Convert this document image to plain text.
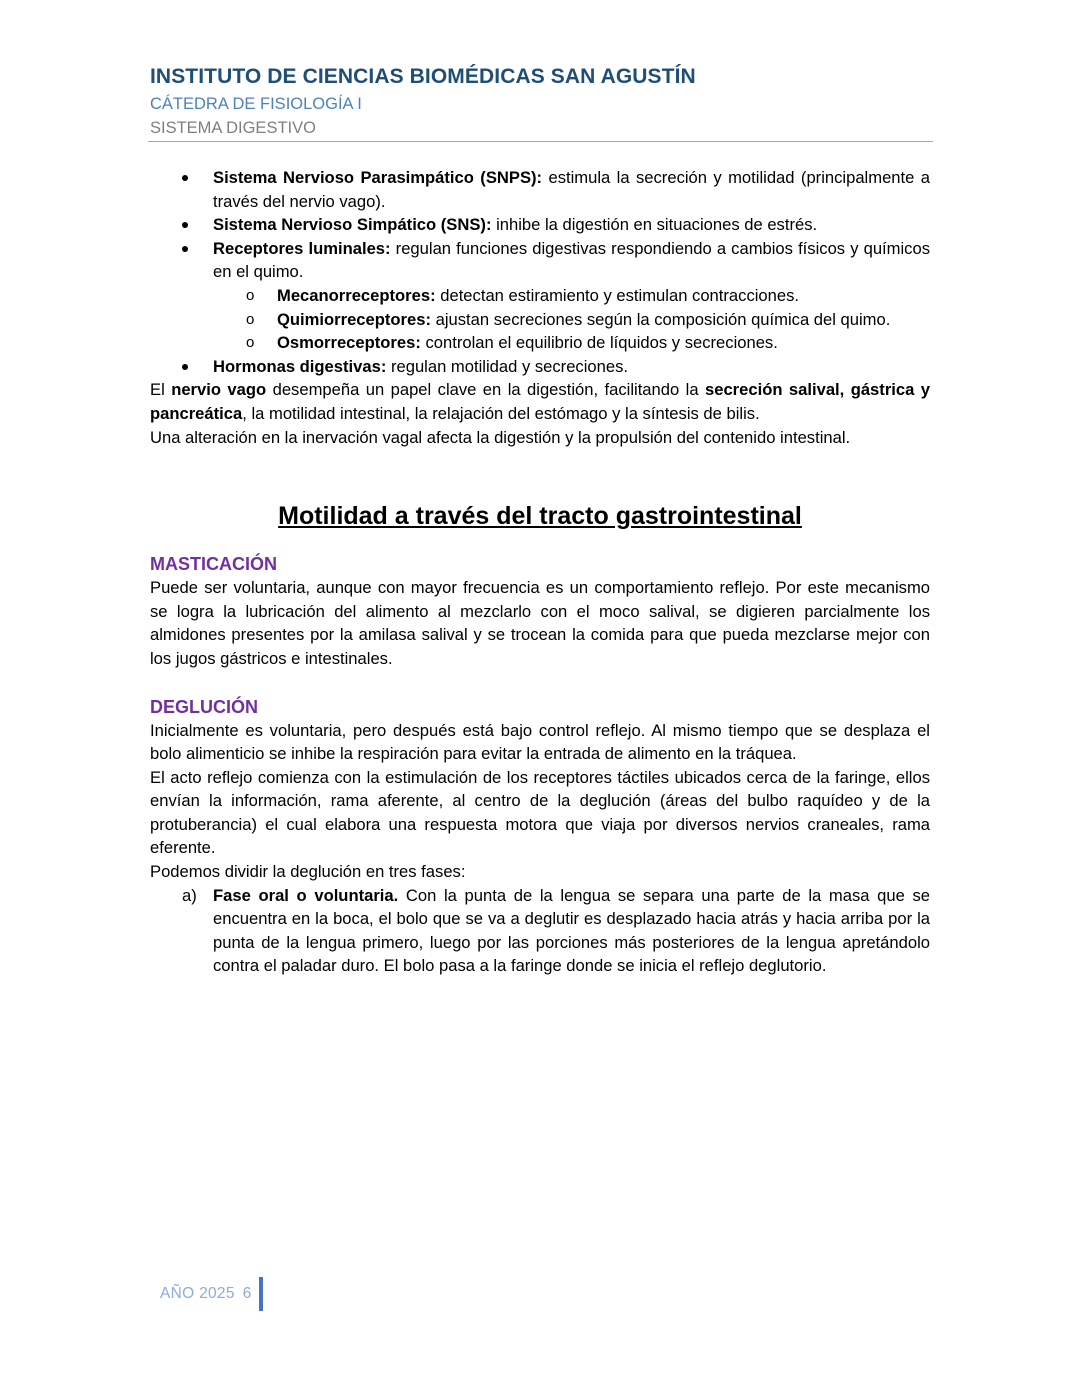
INSTITUTO DE CIENCIAS BIOMÉDICAS SAN AGUSTÍN
CÁTEDRA DE FISIOLOGÍA I
SISTEMA DIGESTIVO
Sistema Nervioso Parasimpático (SNPS): estimula la secreción y motilidad (principalmente a través del nervio vago).
Sistema Nervioso Simpático (SNS): inhibe la digestión en situaciones de estrés.
Receptores luminales: regulan funciones digestivas respondiendo a cambios físicos y químicos en el quimo.
o Mecanorreceptores: detectan estiramiento y estimulan contracciones.
o Quimiorreceptores: ajustan secreciones según la composición química del quimo.
o Osmorreceptores: controlan el equilibrio de líquidos y secreciones.
Hormonas digestivas: regulan motilidad y secreciones.

El nervio vago desempeña un papel clave en la digestión, facilitando la secreción salival, gástrica y pancreática, la motilidad intestinal, la relajación del estómago y la síntesis de bilis.

Una alteración en la inervación vagal afecta la digestión y la propulsión del contenido intestinal.

Motilidad a través del tracto gastrointestinal
MASTICACIÓN

Puede ser voluntaria, aunque con mayor frecuencia es un comportamiento reflejo. Por este mecanismo se logra la lubricación del alimento al mezclarlo con el moco salival, se digieren parcialmente los almidones presentes por la amilasa salival y se trocean la comida para que pueda mezclarse mejor con los jugos gástricos e intestinales.

DEGLUCIÓN

Inicialmente es voluntaria, pero después está bajo control reflejo. Al mismo tiempo que se desplaza el bolo alimenticio se inhibe la respiración para evitar la entrada de alimento en la tráquea.

El acto reflejo comienza con la estimulación de los receptores táctiles ubicados cerca de la faringe, ellos envían la información, rama aferente, al centro de la deglución (áreas del bulbo raquídeo y de la protuberancia) el cual elabora una respuesta motora que viaja por diversos nervios craneales, rama eferente.

Podemos dividir la deglución en tres fases:

a) Fase oral o voluntaria. Con la punta de la lengua se separa una parte de la masa que se encuentra en la boca, el bolo que se va a deglutir es desplazado hacia atrás y hacia arriba por la punta de la lengua primero, luego por las porciones más posteriores de la lengua apretándolo contra el paladar duro. El bolo pasa a la faringe donde se inicia el reflejo deglutorio.
AÑO 2025 6
